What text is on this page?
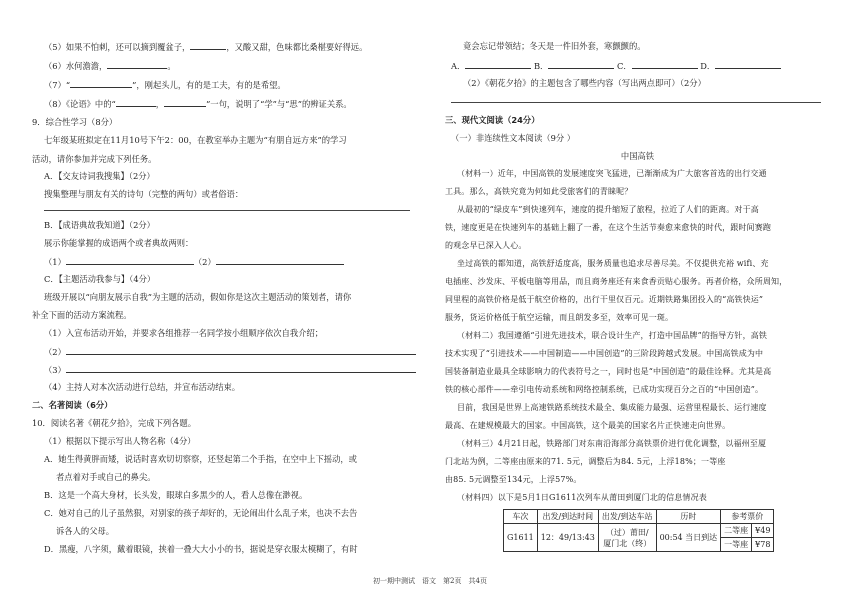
（5）如果不怕刺，还可以摘到覆盆子，	，又酸又甜，色味都比桑椹要好得远。
（6）水何澹澹，	。
（7）“	”，刚起头儿，有的是工夫，有的是希望。
（8）《论语》中的“	，	”一句，说明了“学”与“思”的辨证关系。
9．综合性学习（8分）
七年级某班拟定在11月10号下午2：00，在教室举办主题为“有朋自远方来”的学习
活动，请你参加并完成下列任务。
A．【交友诗词我搜集】（2分）
搜集整理与朋友有关的诗句（完整的两句）或者俗语：
B．【成语典故我知道】（2分）
展示你能掌握的成语两个或者典故两则：
（1）	（2）
C．【主题活动我参与】（4分）
班级开展以“向朋友展示自我”为主题的活动，假如你是这次主题活动的策划者，请你
补全下面的活动方案流程。
（1）入宣布活动开始，并要求各组推荐一名同学按小组顺序依次自我介绍；
（2）
（3）
（4）主持人对本次活动进行总结，并宣布活动结束。
二、名著阅读（6分）
10．阅读名著《朝花夕拾》，完成下列各题。
（1）根据以下提示写出人物名称（4分）
A．她生得黄胖而矮，说话时喜欢切切察察，还竖起第二个手指，在空中上下摇动，或
者点着对手或自己的鼻尖。
B．这是一个高大身材，长头发，眼球白多黑少的人，看人总像在渺视。
C．她对自己的儿子虽然狠，对别家的孩子却好的，无论闹出什么乱子来，也决不去告
诉各人的父母。
D．黑瘦，八字须，戴着眼镜，挟着一叠大大小小的书，据说是穿衣服太模糊了，有时
竟会忘记带领结；冬天是一件旧外套，寒颤颤的。
A．	B．	C．	D．
（2）《朝花夕拾》的主题包含了哪些内容（写出两点即可）（2分）
三、现代文阅读（24分）
（一）非连续性文本阅读（9分 ）
中国高铁
（材料一）近年，中国高铁的发展速度突飞猛进，已渐渐成为广大旅客首选的出行交通
工具。那么，高铁究竟为何如此受旅客们的青睐呢？
从最初的“绿皮车”到快速列车，速度的提升缩短了旅程，拉近了人们的距离。对于高
铁，速度更是在快速列车的基础上翻了一番，在这个生活节奏愈来愈快的时代，跟时间赛跑
的观念早已深入人心。
坐过高铁的都知道，高铁舒适度高，服务质量也追求尽善尽美。不仅提供充裕 wifi、充
电插座、沙发床、平板电脑等用品，而且商务座还有来食香贡贴心服务。再者价格，众所周知，
同里程的高铁价格是低于航空价格的，出行干里仅百元。近期铁路集团投入的“高铁快运”
服务，货运价格低于航空运输，而且朗发多至，效率可见一斑。
（材料二）我国遵循“引进先进技术，联合设计生产，打造中国品牌”的指导方针，高铁
技术实现了“引进技术——中国制造——中国创造”的三阶段跨越式发展。中国高铁成为中
国装备制造业最具全球影响力的代表符号之一，同时也是“中国创造”的最佳诠释。尤其是高
铁的核心部件——牵引电传动系统和网络控制系统，已成功实现百分之百的“中国创造”。
目前，我国是世界上高速铁路系统技术最全、集成能力最强、运营里程最长、运行速度
最高、在建规模最大的国家。中国高铁，这个最美的国家名片正快速走向世界。
（材料三）4月21日起，铁路部门对东南沿海部分高铁票价进行优化调整，以福州至厦
门北站为例，二等座由原来的71. 5元，调整后为84. 5元，上浮18%；一等座
由85. 5元调整至134元，上浮57%。
（材料四）以下是5月1日G1611次列车从莆田到厦门北的信息情况表
车次	出发/到达时间	出发/到达车站	历时	参考票价	
G1611	12：49/13:43	（过）莆田/
厦门北（终）	00:54 当日到达	二等座	¥49
				一等座	¥78
初一期中测试　语文　第2页　共4页
